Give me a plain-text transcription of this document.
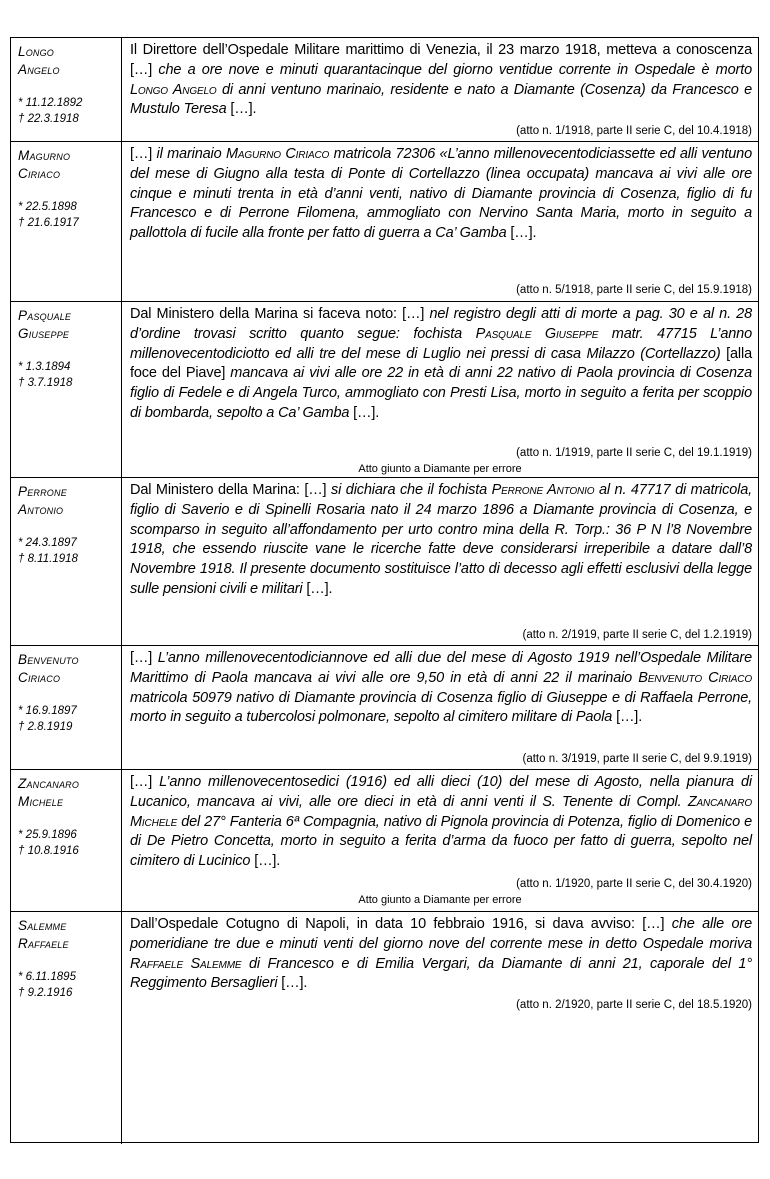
Longo
Angelo
* 11.12.1892
† 22.3.1918

Il Direttore dell’Ospedale Militare marittimo di Venezia, il 23 marzo 1918, metteva a conoscenza […] che a ore nove e minuti quarantacinque del giorno ventidue corrente in Ospedale è morto Longo Angelo di anni ventuno marinaio, residente e nato a Diamante (Cosenza) da Francesco e Mustulo Teresa […].

(atto n. 1/1918, parte II serie C, del 10.4.1918)
Magurno
Ciriaco
* 22.5.1898
† 21.6.1917

[…] il marinaio Magurno Ciriaco matricola 72306 «L’anno millenovecentodiciassette ed alli ventuno del mese di Giugno alla testa di Ponte di Cortellazzo (linea occupata) mancava ai vivi alle ore cinque e minuti trenta in età d’anni venti, nativo di Diamante provincia di Cosenza, figlio di fu Francesco e di Perrone Filomena, ammogliato con Nervino Santa Maria, morto in seguito a pallottola di fucile alla fronte per fatto di guerra a Ca’ Gamba […].

(atto n. 5/1918, parte II serie C, del 15.9.1918)
Pasquale
Giuseppe
* 1.3.1894
† 3.7.1918

Dal Ministero della Marina si faceva noto: […] nel registro degli atti di morte a pag. 30 e al n. 28 d’ordine trovasi scritto quanto segue: fochista Pasquale Giuseppe matr. 47715 L’anno millenovecentodiciotto ed alli tre del mese di Luglio nei pressi di casa Milazzo (Cortellazzo) [alla foce del Piave] mancava ai vivi alle ore 22 in età di anni 22 nativo di Paola provincia di Cosenza figlio di Fedele e di Angela Turco, ammogliato con Presti Lisa, morto in seguito a ferita per scoppio di bombarda, sepolto a Ca’ Gamba […].

(atto n. 1/1919, parte II serie C, del 19.1.1919)
Atto giunto a Diamante per errore
Perrone
Antonio
* 24.3.1897
† 8.11.1918

Dal Ministero della Marina: […] si dichiara che il fochista Perrone Antonio al n. 47717 di matricola, figlio di Saverio e di Spinelli Rosaria nato il 24 marzo 1896 a Diamante provincia di Cosenza, e scomparso in seguito all’affondamento per urto contro mina della R. Torp.: 36 P N l’8 Novembre 1918, che essendo riuscite vane le ricerche fatte deve considerarsi irreperibile a datare dall’8 Novembre 1918. Il presente documento sostituisce l’atto di decesso agli effetti esclusivi della legge sulle pensioni civili e militari […].

(atto n. 2/1919, parte II serie C, del 1.2.1919)
Benvenuto
Ciriaco
* 16.9.1897
† 2.8.1919

[…] L’anno millenovecentodiciannove ed alli due del mese di Agosto 1919 nell’Ospedale Militare Marittimo di Paola mancava ai vivi alle ore 9,50 in età di anni 22 il marinaio Benvenuto Ciriaco matricola 50979 nativo di Diamante provincia di Cosenza figlio di Giuseppe e di Raffaela Perrone, morto in seguito a tubercolosi polmonare, sepolto al cimitero militare di Paola […].

(atto n. 3/1919, parte II serie C, del 9.9.1919)
Zancanaro
Michele
* 25.9.1896
† 10.8.1916

[…] L’anno millenovecentosedici (1916) ed alli dieci (10) del mese di Agosto, nella pianura di Lucanico, mancava ai vivi, alle ore dieci in età di anni venti il S. Tenente di Compl. Zancanaro Michele del 27° Fanteria 6ª Compagnia, nativo di Pignola provincia di Potenza, figlio di Domenico e di De Pietro Concetta, morto in seguito a ferita d’arma da fuoco per fatto di guerra, sepolto nel cimitero di Lucinico […].

(atto n. 1/1920, parte II serie C, del 30.4.1920)
Atto giunto a Diamante per errore
Salemme
Raffaele
* 6.11.1895
† 9.2.1916

Dall’Ospedale Cotugno di Napoli, in data 10 febbraio 1916, si dava avviso: […] che alle ore pomeridiane tre due e minuti venti del giorno nove del corrente mese in detto Ospedale moriva Raffaele Salemme di Francesco e di Emilia Vergari, da Diamante di anni 21, caporale del 1° Reggimento Bersaglieri […].

(atto n. 2/1920, parte II serie C, del 18.5.1920)
